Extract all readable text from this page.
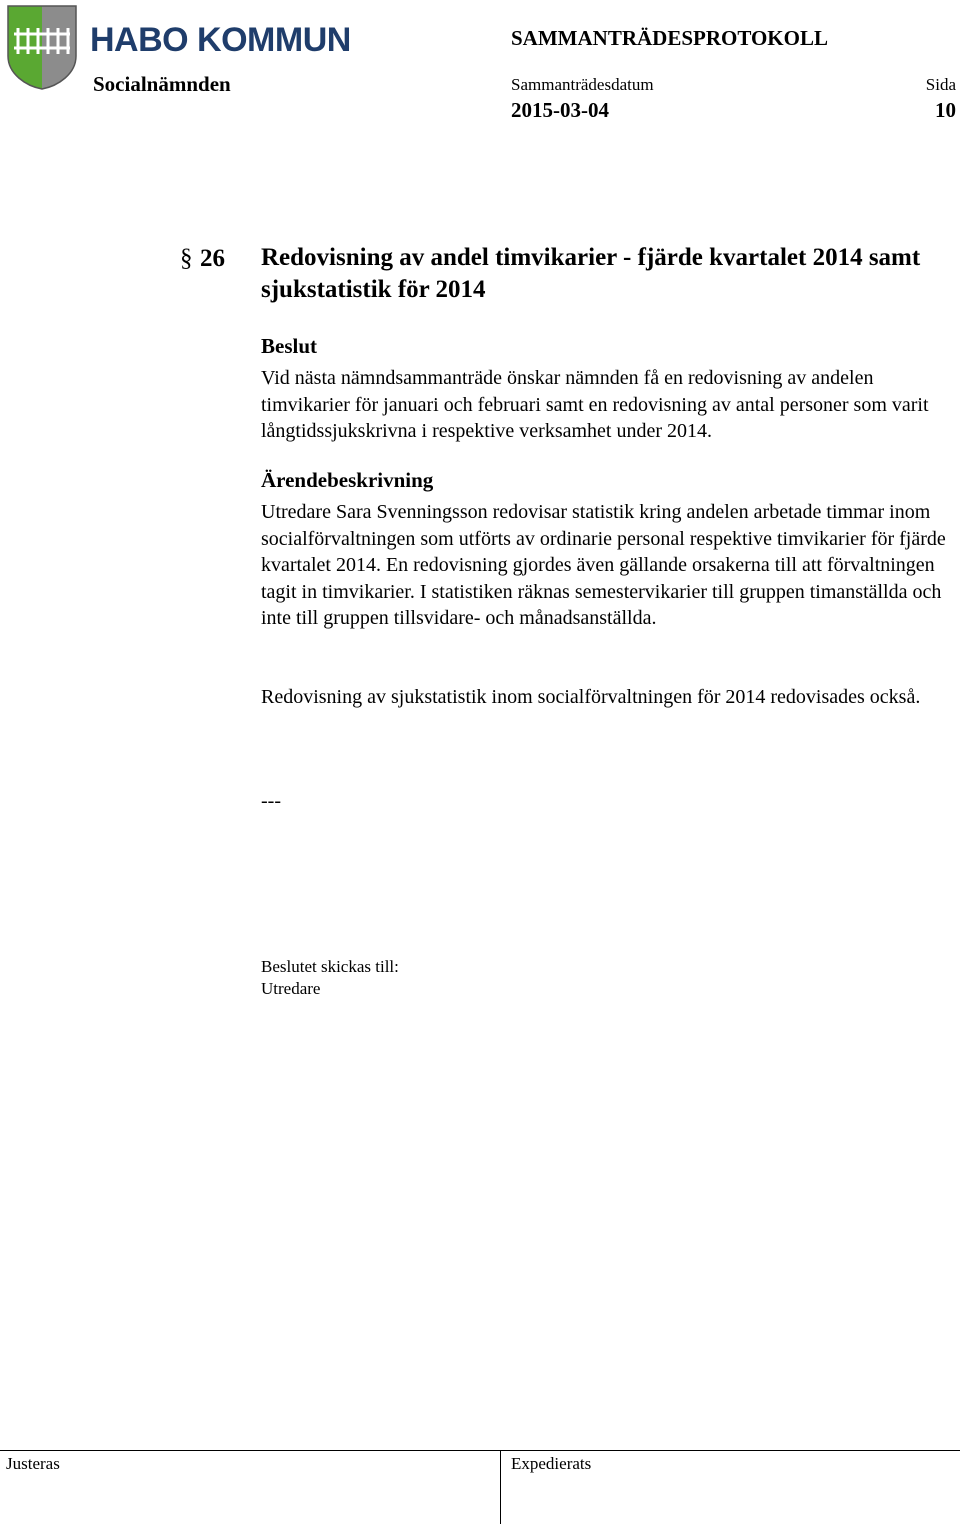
HABO KOMMUN
Socialnämnden
SAMMANTRÄDESPROTOKOLL
Sammanträdesdatum	Sida
2015-03-04	10
§ 26 Redovisning av andel timvikarier - fjärde kvartalet 2014 samt sjukstatistik för 2014
Beslut
Vid nästa nämndsammanträde önskar nämnden få en redovisning av andelen timvikarier för januari och februari samt en redovisning av antal personer som varit långtidssjukskrivna i respektive verksamhet under 2014.
Ärendebeskrivning
Utredare Sara Svenningsson redovisar statistik kring andelen arbetade timmar inom socialförvaltningen som utförts av ordinarie personal respektive timvikarier för fjärde kvartalet 2014. En redovisning gjordes även gällande orsakerna till att förvaltningen tagit in timvikarier. I statistiken räknas semestervikarier till gruppen timanställda och inte till gruppen tillsvidare- och månadsanställda.
Redovisning av sjukstatistik inom socialförvaltningen för 2014 redovisades också.
---
Beslutet skickas till:
Utredare
Justeras	Expedierats
